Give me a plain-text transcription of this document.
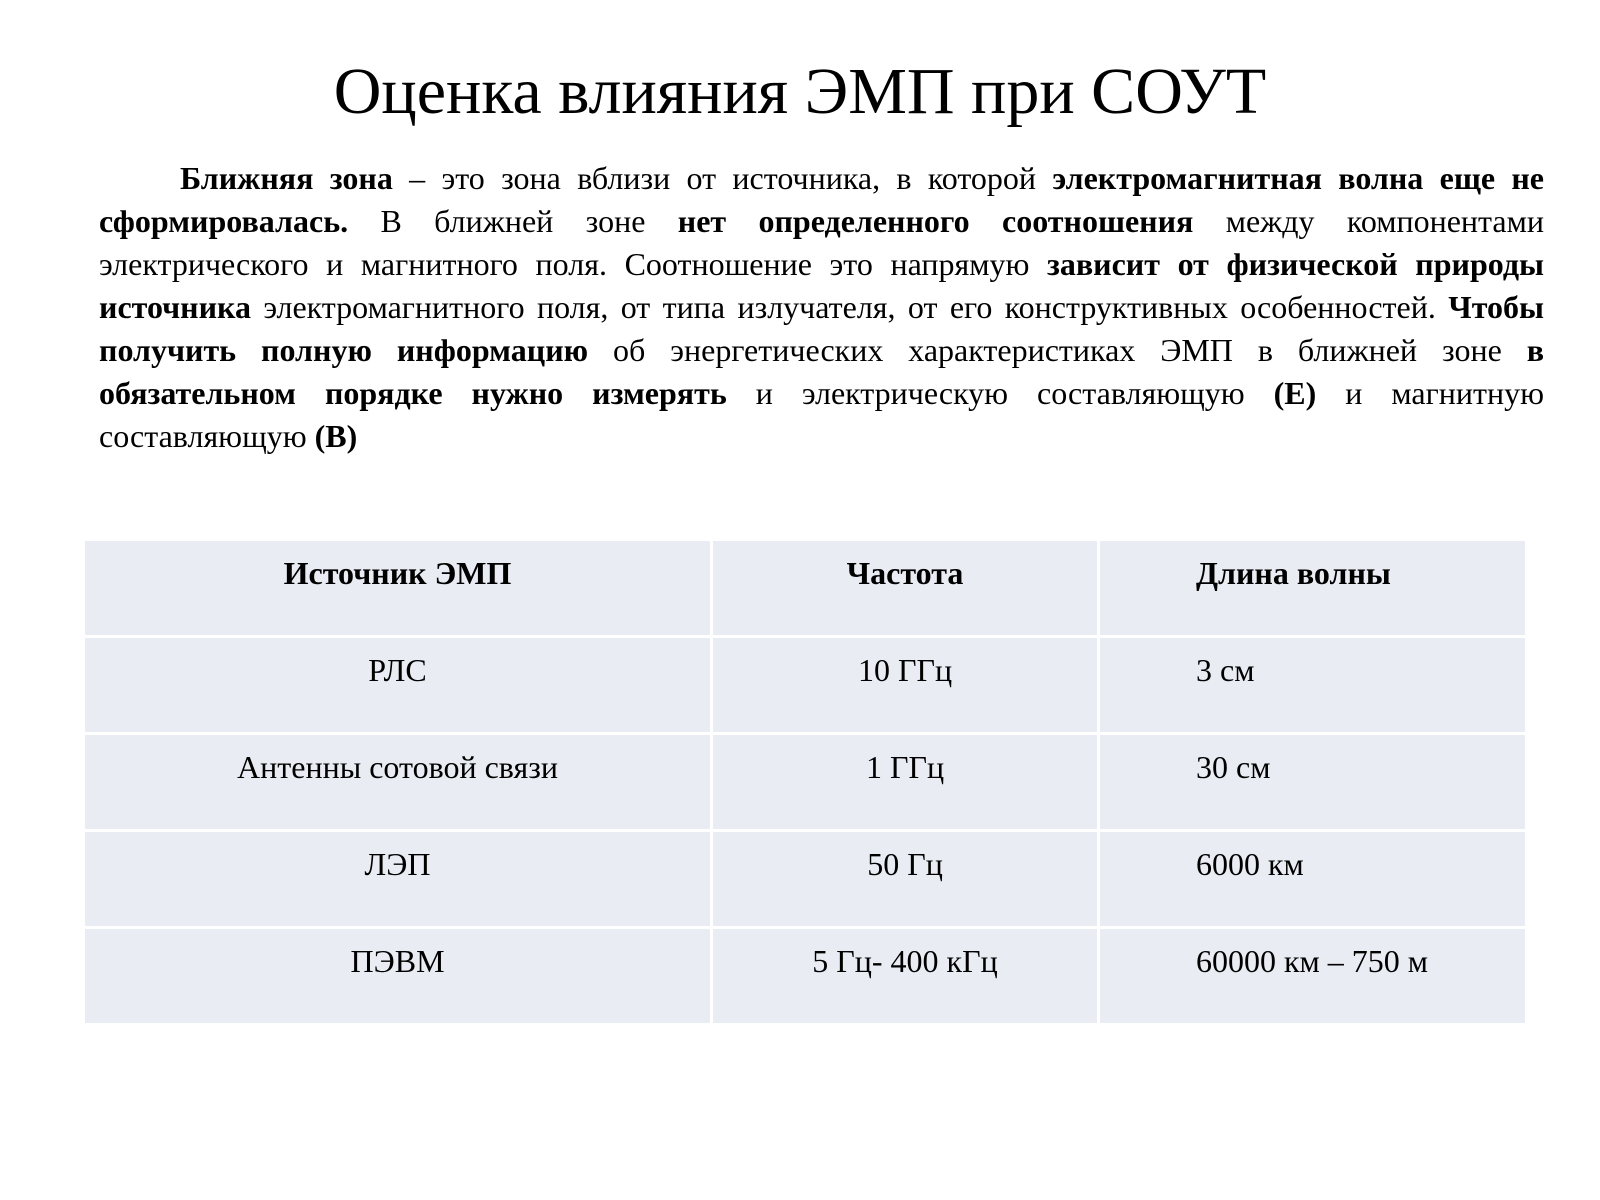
Оценка влияния ЭМП при СОУТ

Ближняя зона – это зона вблизи от источника, в которой электромагнитная волна еще не сформировалась. В ближней зоне нет определенного соотношения между компонентами электрического и магнитного поля. Соотношение это напрямую зависит от физической природы источника электромагнитного поля, от типа излучателя, от его конструктивных особенностей. Чтобы получить полную информацию об энергетических характеристиках ЭМП в ближней зоне в обязательном порядке нужно измерять и электрическую составляющую (Е) и магнитную составляющую (В)

Источник ЭМП	Частота	Длина волны
РЛС	10 ГГц	3 см
Антенны сотовой связи	1 ГГц	30 см
ЛЭП	50 Гц	6000 км
ПЭВМ	5 Гц- 400 кГц	60000 км – 750 м
